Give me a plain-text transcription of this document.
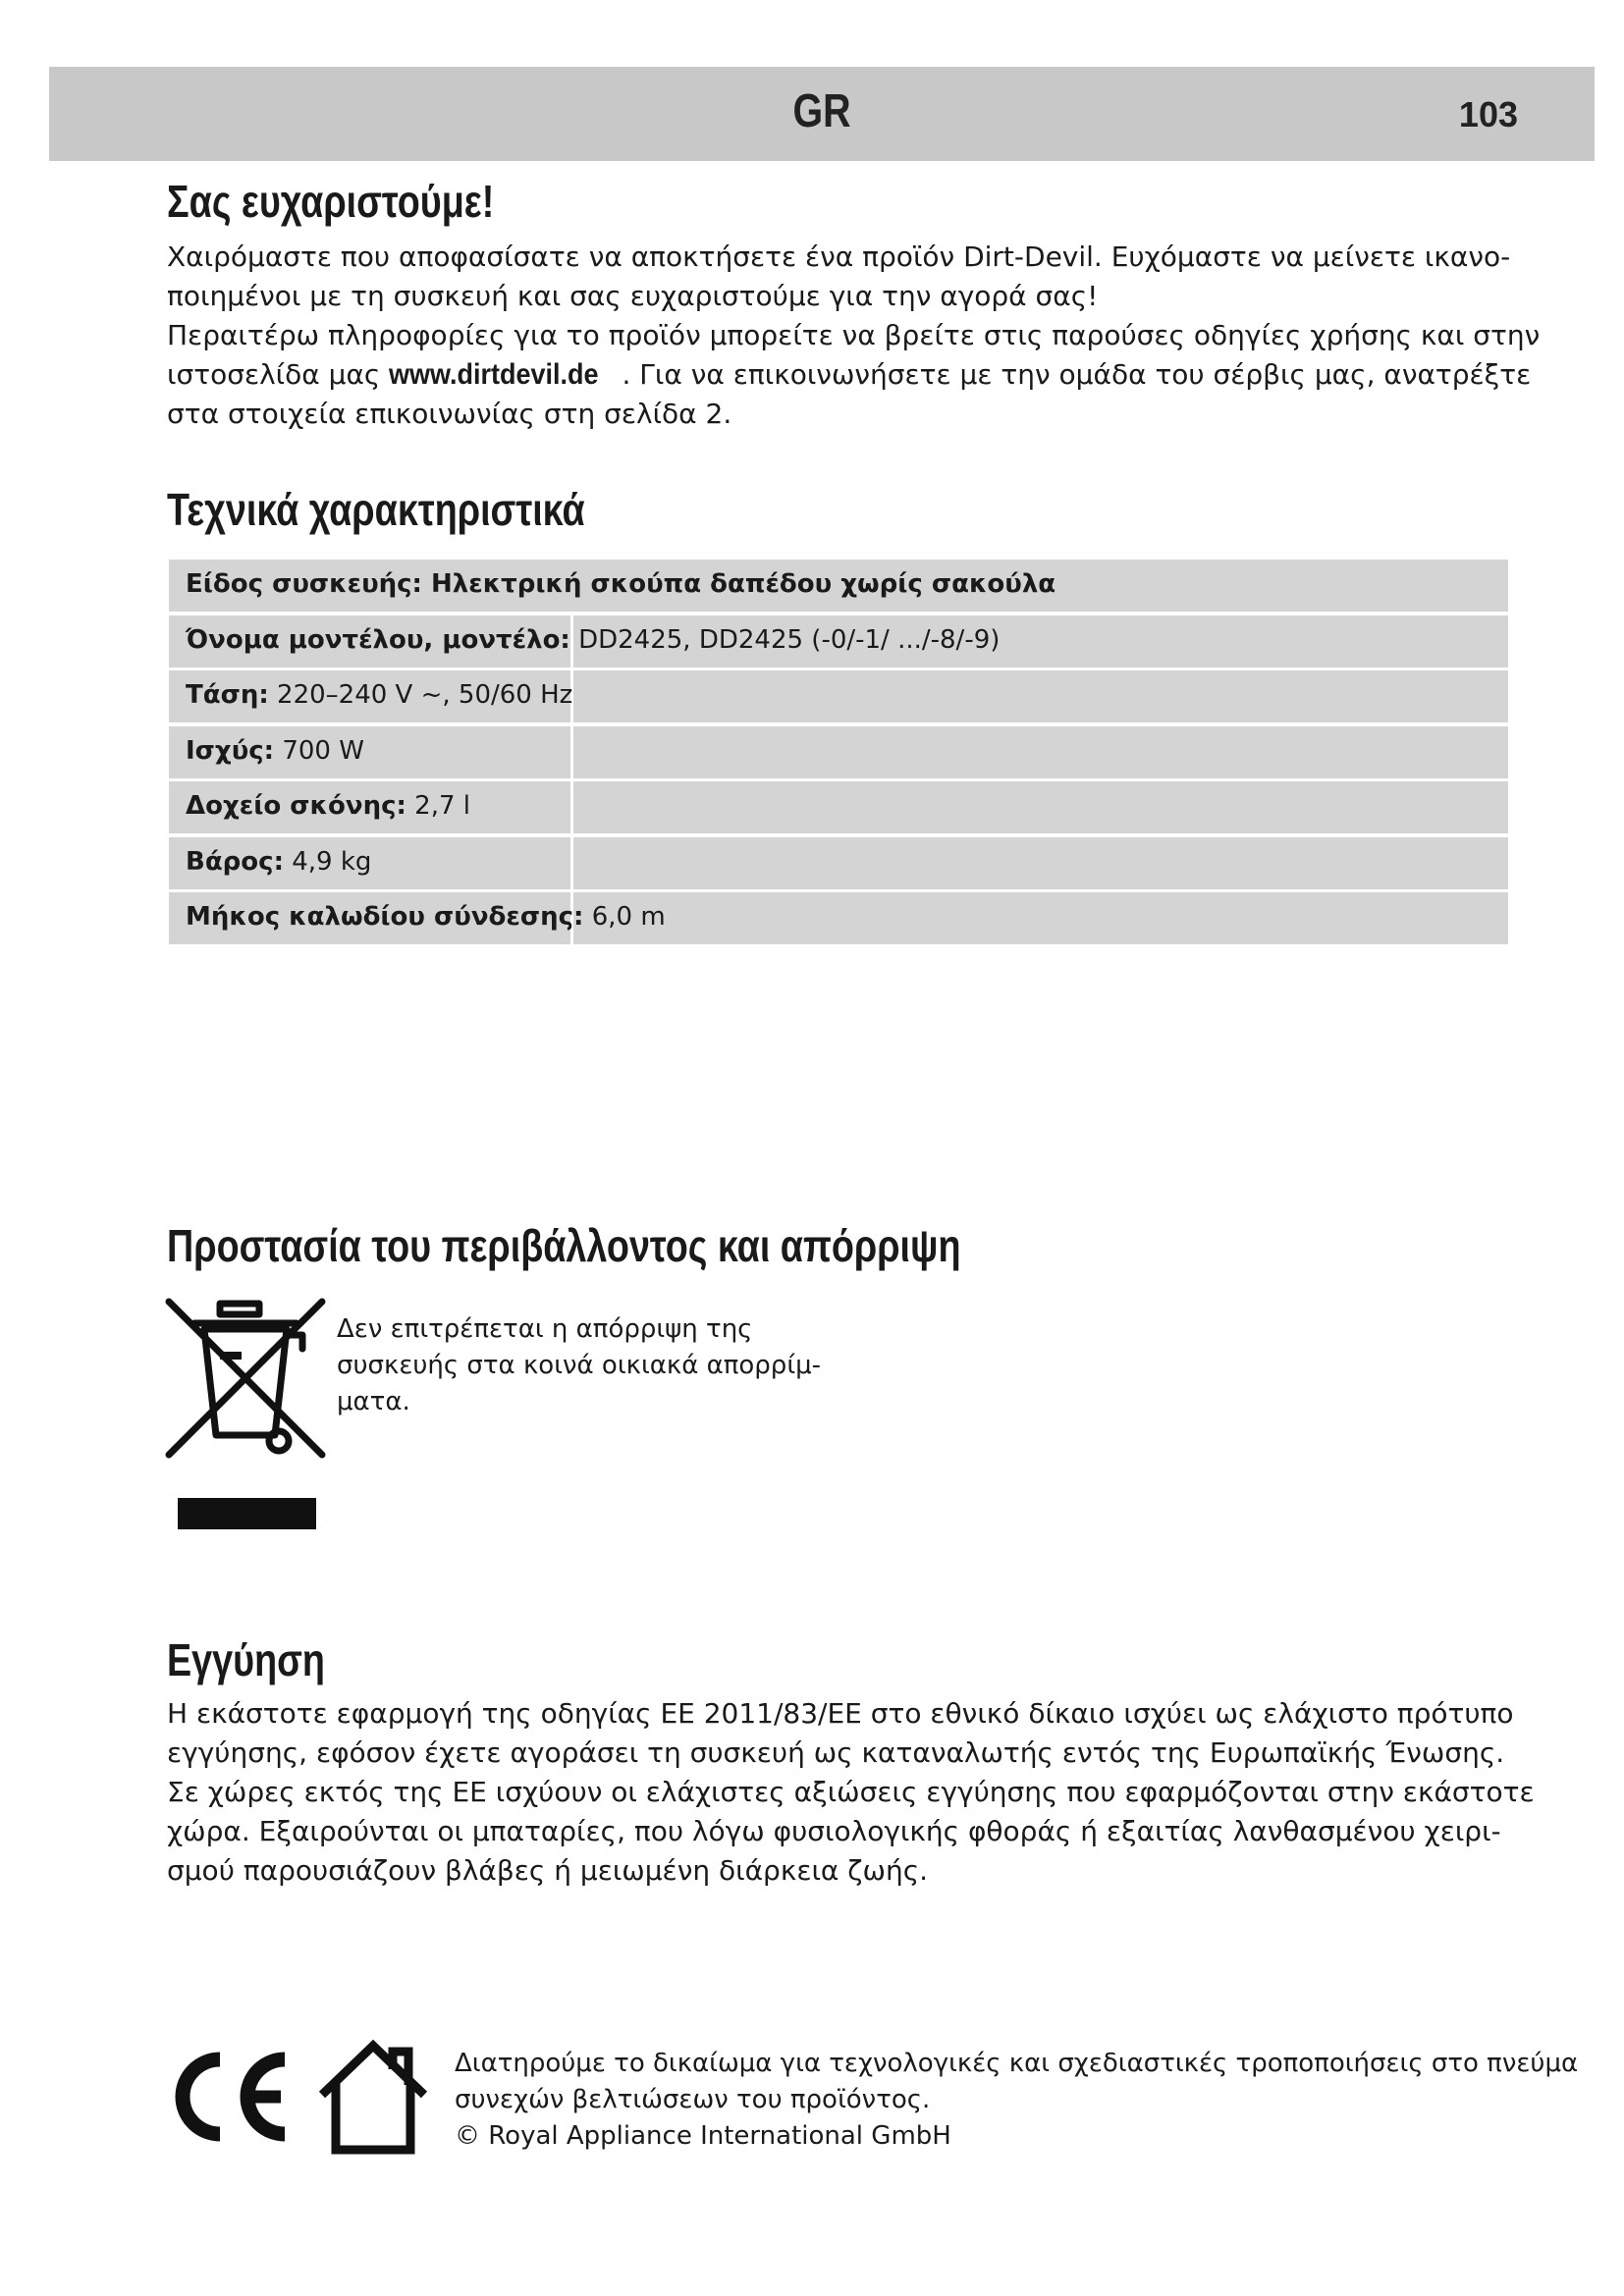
GR	103
Σας ευχαριστούμε!
Χαιρόμαστε που αποφασίσατε να αποκτήσετε ένα προϊόν Dirt-Devil. Ευχόμαστε να μείνετε ικανο-
ποιημένοι με τη συσκευή και σας ευχαριστούμε για την αγορά σας!
Περαιτέρω πληροφορίες για το προϊόν μπορείτε να βρείτε στις παρούσες οδηγίες χρήσης και στην
ιστοσελίδα μας www.dirtdevil.de . Για να επικοινωνήσετε με την ομάδα του σέρβις μας, ανατρέξτε
στα στοιχεία επικοινωνίας στη σελίδα 2.
Τεχνικά χαρακτηριστικά
Είδος συσκευής: Ηλεκτρική σκούπα δαπέδου χωρίς σακούλα
Όνομα μοντέλου, μοντέλο: DD2425, DD2425 (-0/-1/ .../-8/-9)
Τάση: 220–240 V ~, 50/60 Hz
Ισχύς: 700 W
Δοχείο σκόνης: 2,7 l
Βάρος: 4,9 kg
Μήκος καλωδίου σύνδεσης: 6,0 m
Προστασία του περιβάλλοντος και απόρριψη
Δεν επιτρέπεται η απόρριψη της
συσκευής στα κοινά οικιακά απορρίμ-
ματα.
Εγγύηση
Η εκάστοτε εφαρμογή της οδηγίας ΕΕ 2011/83/ΕΕ στο εθνικό δίκαιο ισχύει ως ελάχιστο πρότυπο
εγγύησης, εφόσον έχετε αγοράσει τη συσκευή ως καταναλωτής εντός της Ευρωπαϊκής Ένωσης.
Σε χώρες εκτός της ΕΕ ισχύουν οι ελάχιστες αξιώσεις εγγύησης που εφαρμόζονται στην εκάστοτε
χώρα. Εξαιρούνται οι μπαταρίες, που λόγω φυσιολογικής φθοράς ή εξαιτίας λανθασμένου χειρι-
σμού παρουσιάζουν βλάβες ή μειωμένη διάρκεια ζωής.
Διατηρούμε το δικαίωμα για τεχνολογικές και σχεδιαστικές τροποποιήσεις στο πνεύμα
συνεχών βελτιώσεων του προϊόντος.
© Royal Appliance International GmbH
